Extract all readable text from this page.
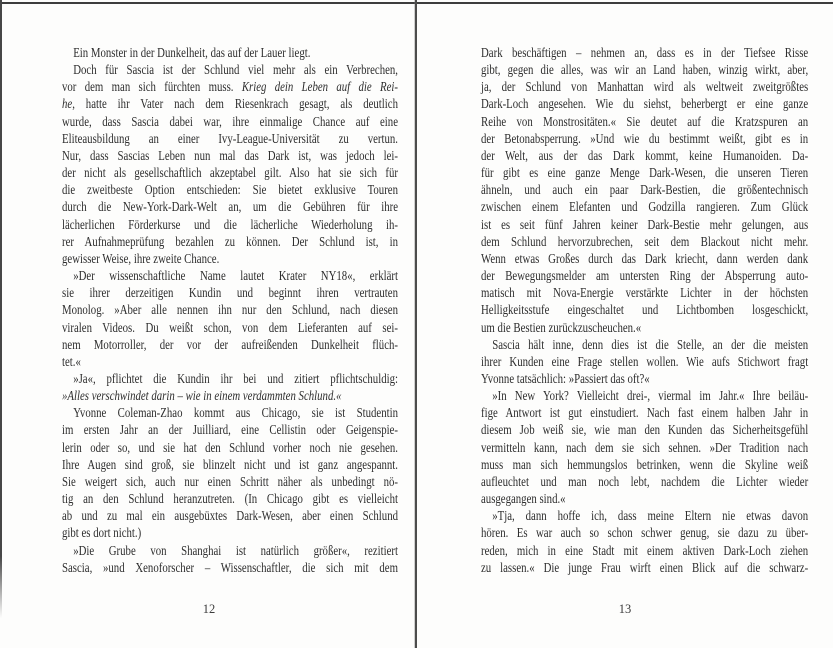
Ein Monster in der Dunkelheit, das auf der Lauer liegt.
Doch für Sascia ist der Schlund viel mehr als ein Verbrechen,
vor dem man sich fürchten muss. Krieg dein Leben auf die Rei-
he, hatte ihr Vater nach dem Riesenkrach gesagt, als deutlich
wurde, dass Sascia dabei war, ihre einmalige Chance auf eine
Eliteausbildung an einer Ivy-League-Universität zu vertun.
Nur, dass Sascias Leben nun mal das Dark ist, was jedoch lei-
der nicht als gesellschaftlich akzeptabel gilt. Also hat sie sich für
die zweitbeste Option entschieden: Sie bietet exklusive Touren
durch die New-York-Dark-Welt an, um die Gebühren für ihre
lächerlichen Förderkurse und die lächerliche Wiederholung ih-
rer Aufnahmeprüfung bezahlen zu können. Der Schlund ist, in
gewisser Weise, ihre zweite Chance.
»Der wissenschaftliche Name lautet Krater NY18«, erklärt
sie ihrer derzeitigen Kundin und beginnt ihren vertrauten
Monolog. »Aber alle nennen ihn nur den Schlund, nach diesen
viralen Videos. Du weißt schon, von dem Lieferanten auf sei-
nem Motorroller, der vor der aufreißenden Dunkelheit flüch-
tet.«
»Ja«, pflichtet die Kundin ihr bei und zitiert pflichtschuldig:
»Alles verschwindet darin – wie in einem verdammten Schlund.«
Yvonne Coleman-Zhao kommt aus Chicago, sie ist Studentin
im ersten Jahr an der Juilliard, eine Cellistin oder Geigenspie-
lerin oder so, und sie hat den Schlund vorher noch nie gesehen.
Ihre Augen sind groß, sie blinzelt nicht und ist ganz angespannt.
Sie weigert sich, auch nur einen Schritt näher als unbedingt nö-
tig an den Schlund heranzutreten. (In Chicago gibt es vielleicht
ab und zu mal ein ausgebüxtes Dark-Wesen, aber einen Schlund
gibt es dort nicht.)
»Die Grube von Shanghai ist natürlich größer«, rezitiert
Sascia, »und Xenoforscher – Wissenschaftler, die sich mit dem
Dark beschäftigen – nehmen an, dass es in der Tiefsee Risse
gibt, gegen die alles, was wir an Land haben, winzig wirkt, aber,
ja, der Schlund von Manhattan wird als weltweit zweitgrößtes
Dark-Loch angesehen. Wie du siehst, beherbergt er eine ganze
Reihe von Monstrositäten.« Sie deutet auf die Kratzspuren an
der Betonabsperrung. »Und wie du bestimmt weißt, gibt es in
der Welt, aus der das Dark kommt, keine Humanoiden. Da-
für gibt es eine ganze Menge Dark-Wesen, die unseren Tieren
ähneln, und auch ein paar Dark-Bestien, die größentechnisch
zwischen einem Elefanten und Godzilla rangieren. Zum Glück
ist es seit fünf Jahren keiner Dark-Bestie mehr gelungen, aus
dem Schlund hervorzubrechen, seit dem Blackout nicht mehr.
Wenn etwas Großes durch das Dark kriecht, dann werden dank
der Bewegungsmelder am untersten Ring der Absperrung auto-
matisch mit Nova-Energie verstärkte Lichter in der höchsten
Helligkeitsstufe eingeschaltet und Lichtbomben losgeschickt,
um die Bestien zurückzuscheuchen.«
Sascia hält inne, denn dies ist die Stelle, an der die meisten
ihrer Kunden eine Frage stellen wollen. Wie aufs Stichwort fragt
Yvonne tatsächlich: »Passiert das oft?«
»In New York? Vielleicht drei-, viermal im Jahr.« Ihre beiläu-
fige Antwort ist gut einstudiert. Nach fast einem halben Jahr in
diesem Job weiß sie, wie man den Kunden das Sicherheitsgefühl
vermitteln kann, nach dem sie sich sehnen. »Der Tradition nach
muss man sich hemmungslos betrinken, wenn die Skyline weiß
aufleuchtet und man noch lebt, nachdem die Lichter wieder
ausgegangen sind.«
»Tja, dann hoffe ich, dass meine Eltern nie etwas davon
hören. Es war auch so schon schwer genug, sie dazu zu über-
reden, mich in eine Stadt mit einem aktiven Dark-Loch ziehen
zu lassen.« Die junge Frau wirft einen Blick auf die schwarz-
12	13
